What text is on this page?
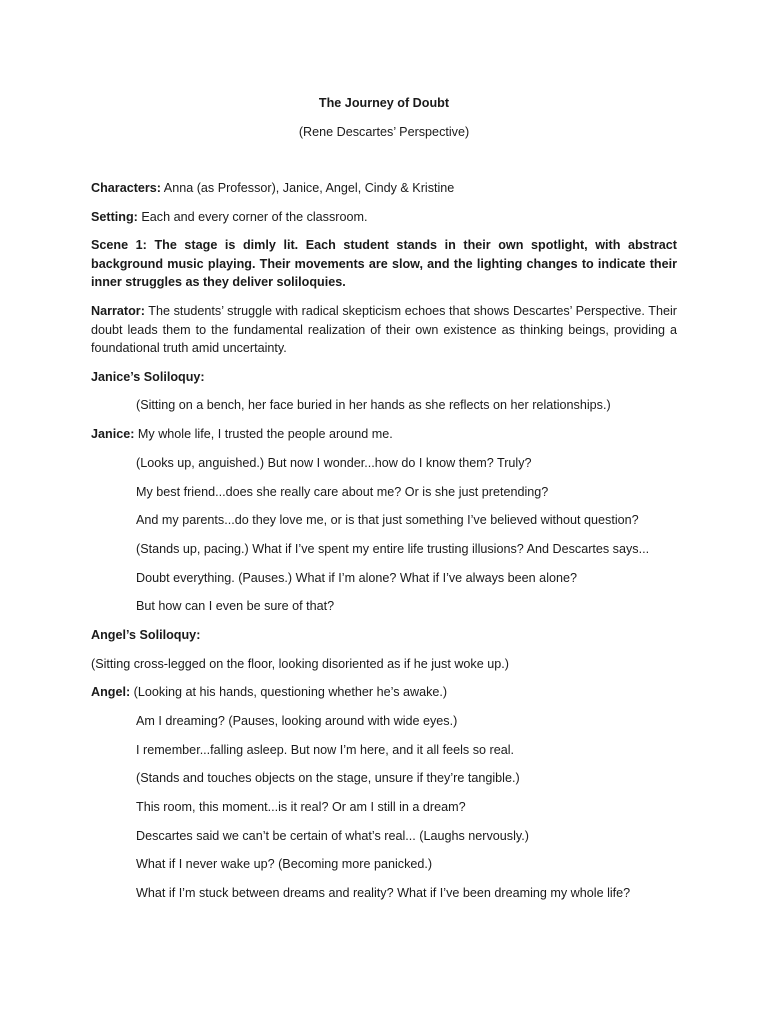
The Journey of Doubt

(Rene Descartes’ Perspective)

Characters: Anna (as Professor), Janice, Angel, Cindy & Kristine

Setting: Each and every corner of the classroom.

Scene 1: The stage is dimly lit. Each student stands in their own spotlight, with abstract background music playing. Their movements are slow, and the lighting changes to indicate their inner struggles as they deliver soliloquies.

Narrator: The students’ struggle with radical skepticism echoes that shows Descartes’ Perspective. Their doubt leads them to the fundamental realization of their own existence as thinking beings, providing a foundational truth amid uncertainty.

Janice’s Soliloquy:

(Sitting on a bench, her face buried in her hands as she reflects on her relationships.)

Janice: My whole life, I trusted the people around me.

(Looks up, anguished.) But now I wonder...how do I know them? Truly?

My best friend...does she really care about me? Or is she just pretending?

And my parents...do they love me, or is that just something I’ve believed without question?

(Stands up, pacing.) What if I’ve spent my entire life trusting illusions? And Descartes says...

Doubt everything. (Pauses.) What if I’m alone? What if I’ve always been alone?

But how can I even be sure of that?

Angel’s Soliloquy:

(Sitting cross-legged on the floor, looking disoriented as if he just woke up.)

Angel: (Looking at his hands, questioning whether he’s awake.)

Am I dreaming? (Pauses, looking around with wide eyes.)

I remember...falling asleep. But now I’m here, and it all feels so real.

(Stands and touches objects on the stage, unsure if they’re tangible.)

This room, this moment...is it real? Or am I still in a dream?

Descartes said we can’t be certain of what’s real... (Laughs nervously.)

What if I never wake up? (Becoming more panicked.)

What if I’m stuck between dreams and reality? What if I’ve been dreaming my whole life?
